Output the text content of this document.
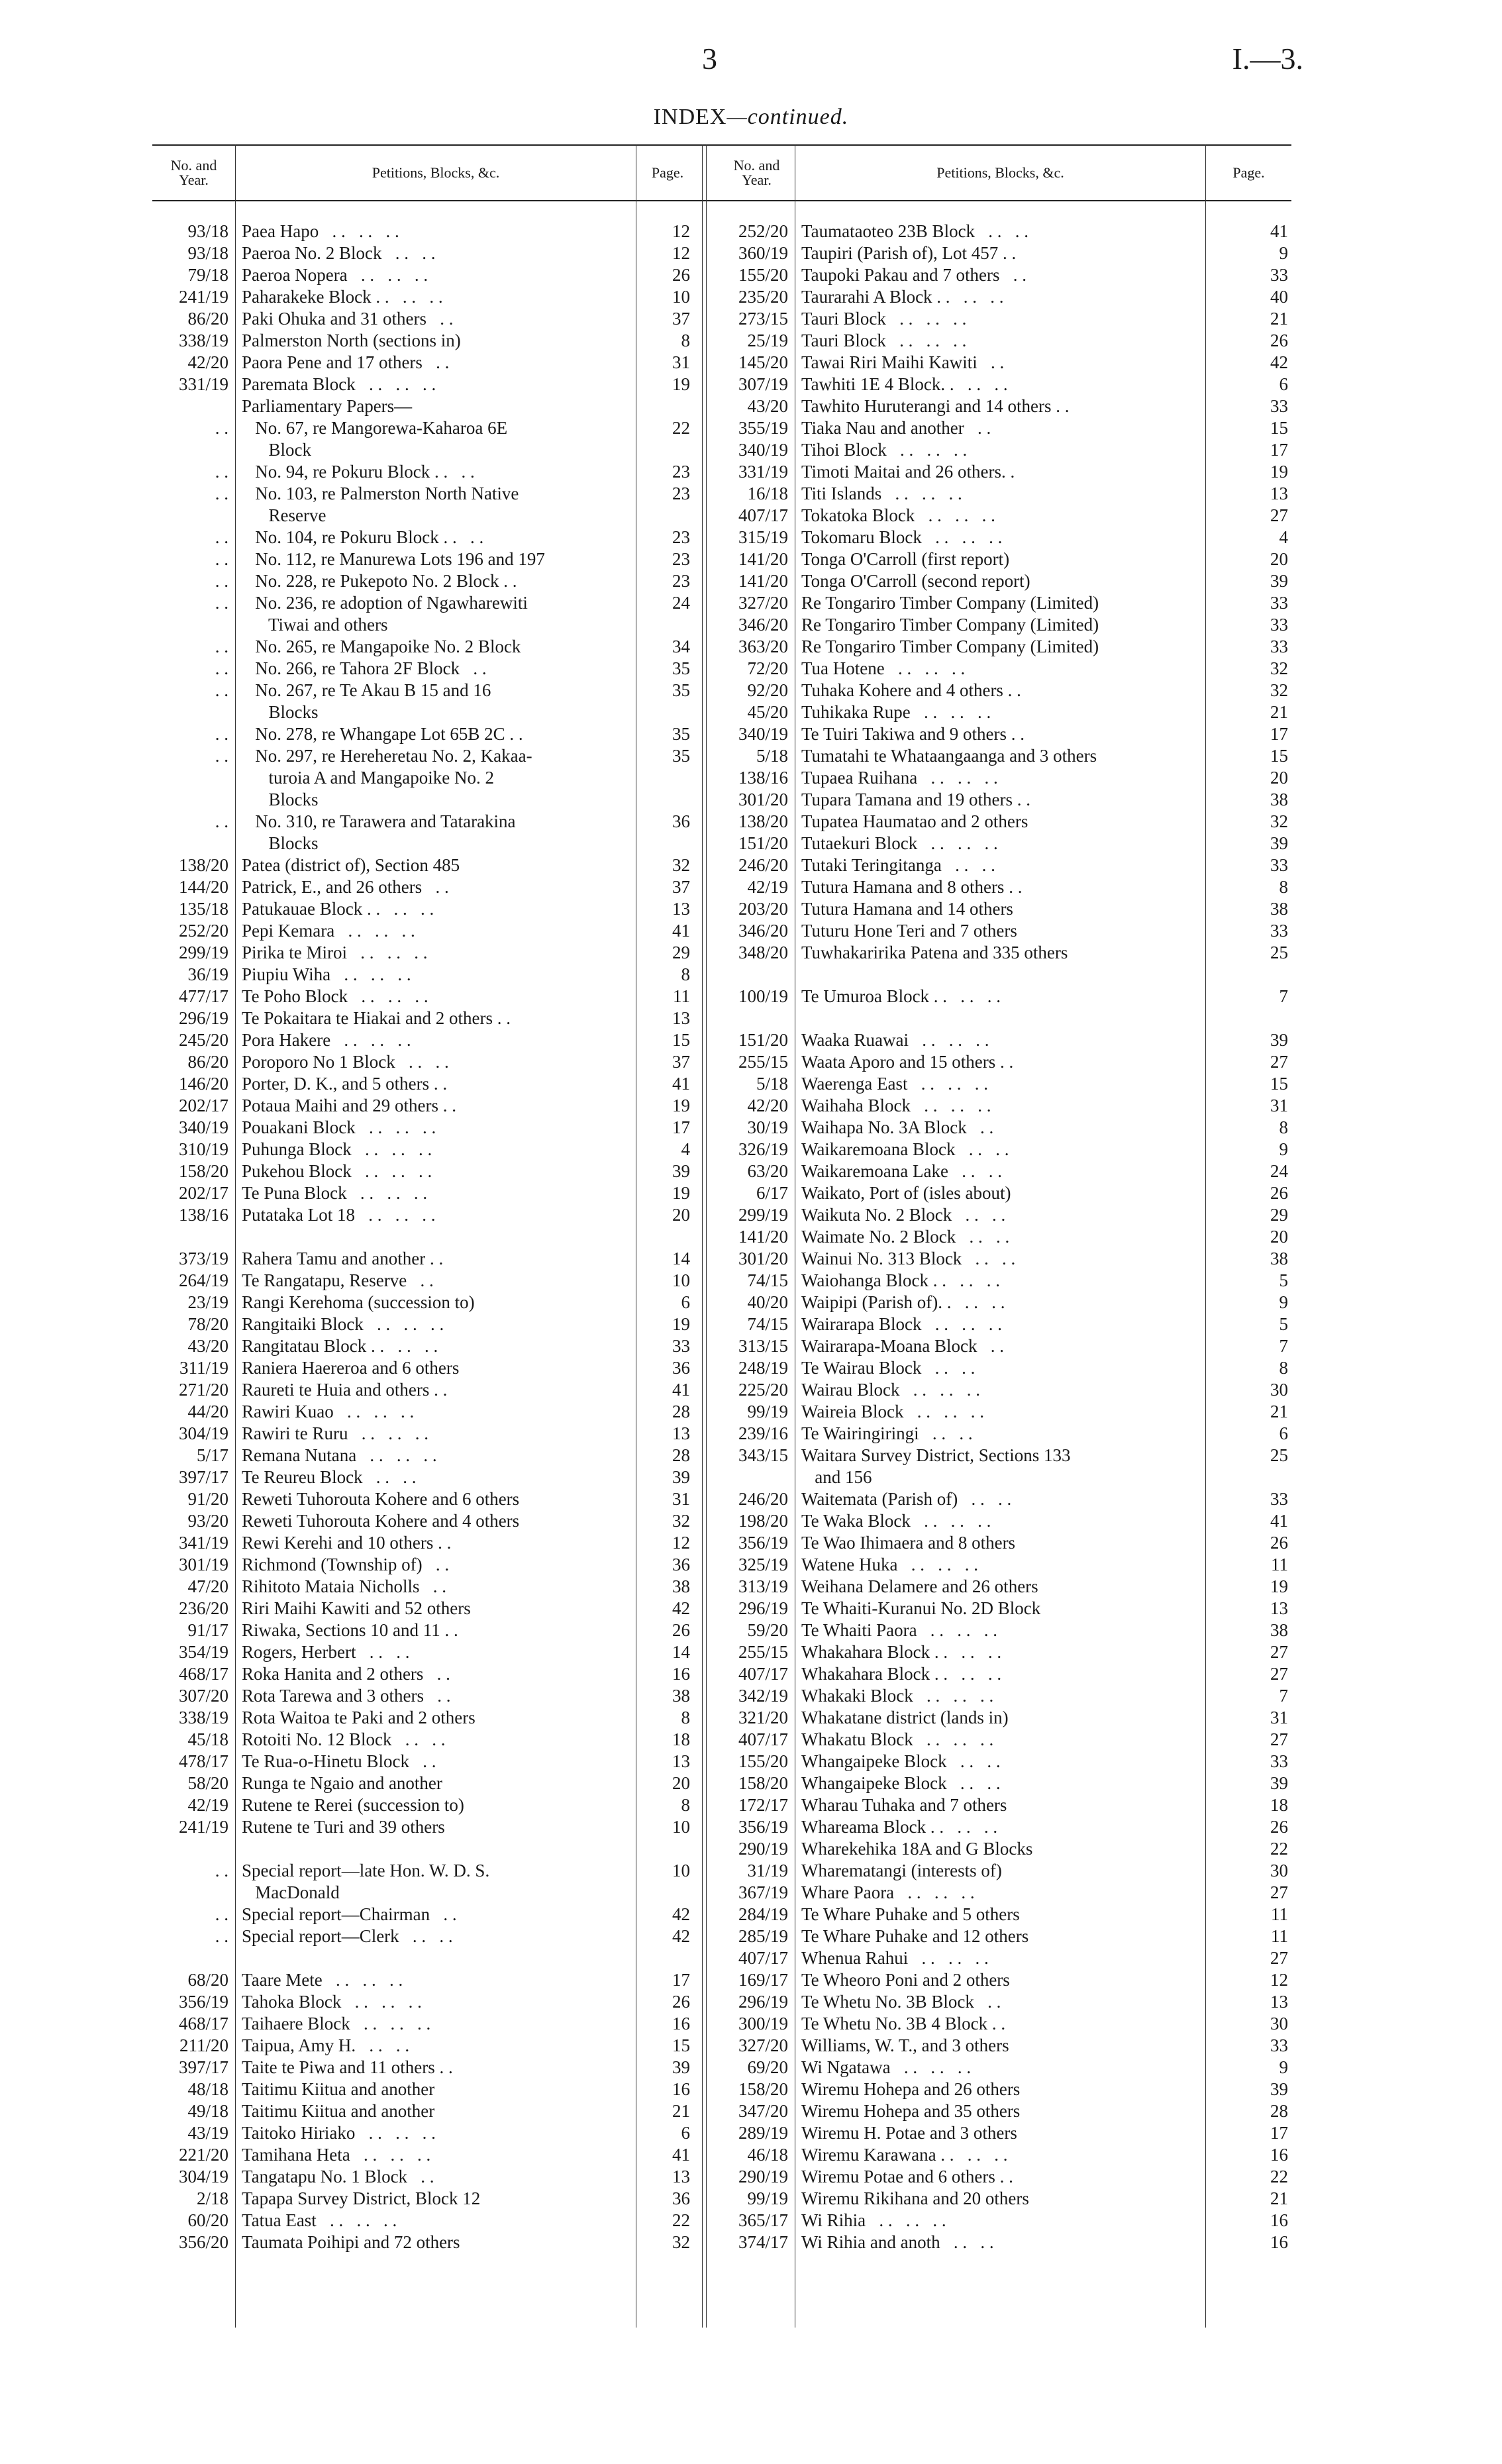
3	I.—3.
INDEX—continued.
No. and
Year.	Petitions, Blocks, &c.	Page.	No. and
Year.	Petitions, Blocks, &c.	Page.
93/18 Paea Hapo   . .   . .   . .	12
93/18 Paeroa No. 2 Block   . .   . .	12
79/18 Paeroa Nopera   . .   . .   . .	26
241/19 Paharakeke Block . .   . .   . .	10
86/20 Paki Ohuka and 31 others   . .	37
338/19 Palmerston North (sections in)	8
42/20 Paora Pene and 17 others   . .	31
331/19 Paremata Block   . .   . .   . .	19
Parliamentary Papers—
. . No. 67, re Mangorewa-Kaharoa 6E	22
Block
. . No. 94, re Pokuru Block . .   . .	23
. . No. 103, re Palmerston North Native	23
Reserve
. . No. 104, re Pokuru Block . .   . .	23
. . No. 112, re Manurewa Lots 196 and 197	23
. . No. 228, re Pukepoto No. 2 Block . .	23
. . No. 236, re adoption of Ngawharewiti	24
Tiwai and others
. . No. 265, re Mangapoike No. 2 Block	34
. . No. 266, re Tahora 2F Block   . .	35
. . No. 267, re Te Akau B 15 and 16	35
Blocks
. . No. 278, re Whangape Lot 65B 2C . .	35
. . No. 297, re Hereheretau No. 2, Kakaa-	35
turoia A and Mangapoike No. 2
Blocks
. . No. 310, re Tarawera and Tatarakina	36
Blocks
138/20 Patea (district of), Section 485	32
144/20 Patrick, E., and 26 others   . .	37
135/18 Patukauae Block . .   . .   . .	13
252/20 Pepi Kemara   . .   . .   . .	41
299/19 Pirika te Miroi   . .   . .   . .	29
36/19 Piupiu Wiha   . .   . .   . .	8
477/17 Te Poho Block   . .   . .   . .	11
296/19 Te Pokaitara te Hiakai and 2 others . .	13
245/20 Pora Hakere   . .   . .   . .	15
86/20 Poroporo No 1 Block   . .   . .	37
146/20 Porter, D. K., and 5 others . .	41
202/17 Potaua Maihi and 29 others . .	19
340/19 Pouakani Block   . .   . .   . .	17
310/19 Puhunga Block   . .   . .   . .	4
158/20 Pukehou Block   . .   . .   . .	39
202/17 Te Puna Block   . .   . .   . .	19
138/16 Putataka Lot 18   . .   . .   . .	20
373/19 Rahera Tamu and another . .	14
264/19 Te Rangatapu, Reserve   . .	10
23/19 Rangi Kerehoma (succession to)	6
78/20 Rangitaiki Block   . .   . .   . .	19
43/20 Rangitatau Block . .   . .   . .	33
311/19 Raniera Haereroa and 6 others	36
271/20 Raureti te Huia and others . .	41
44/20 Rawiri Kuao   . .   . .   . .	28
304/19 Rawiri te Ruru   . .   . .   . .	13
5/17 Remana Nutana   . .   . .   . .	28
397/17 Te Reureu Block   . .   . .	39
91/20 Reweti Tuhorouta Kohere and 6 others	31
93/20 Reweti Tuhorouta Kohere and 4 others	32
341/19 Rewi Kerehi and 10 others . .	12
301/19 Richmond (Township of)   . .	36
47/20 Rihitoto Mataia Nicholls   . .	38
236/20 Riri Maihi Kawiti and 52 others	42
91/17 Riwaka, Sections 10 and 11 . .	26
354/19 Rogers, Herbert   . .   . .	14
468/17 Roka Hanita and 2 others   . .	16
307/20 Rota Tarewa and 3 others   . .	38
338/19 Rota Waitoa te Paki and 2 others	8
45/18 Rotoiti No. 12 Block   . .   . .	18
478/17 Te Rua-o-Hinetu Block   . .	13
58/20 Runga te Ngaio and another	20
42/19 Rutene te Rerei (succession to)	8
241/19 Rutene te Turi and 39 others	10
. . Special report—late Hon. W. D. S.	10
MacDonald
. . Special report—Chairman   . .	42
. . Special report—Clerk   . .   . .	42
68/20 Taare Mete   . .   . .   . .	17
356/19 Tahoka Block   . .   . .   . .	26
468/17 Taihaere Block   . .   . .   . .	16
211/20 Taipua, Amy H.   . .   . .	15
397/17 Taite te Piwa and 11 others . .	39
48/18 Taitimu Kiitua and another	16
49/18 Taitimu Kiitua and another	21
43/19 Taitoko Hiriako   . .   . .   . .	6
221/20 Tamihana Heta   . .   . .   . .	41
304/19 Tangatapu No. 1 Block   . .	13
2/18 Tapapa Survey District, Block 12	36
60/20 Tatua East   . .   . .   . .	22
356/20 Taumata Poihipi and 72 others	32
252/20 Taumataoteo 23B Block   . .   . .	41
360/19 Taupiri (Parish of), Lot 457 . .	9
155/20 Taupoki Pakau and 7 others   . .	33
235/20 Taurarahi A Block . .   . .   . .	40
273/15 Tauri Block   . .   . .   . .	21
25/19 Tauri Block   . .   . .   . .	26
145/20 Tawai Riri Maihi Kawiti   . .	42
307/19 Tawhiti 1E 4 Block. .   . .   . .	6
43/20 Tawhito Huruterangi and 14 others . .	33
355/19 Tiaka Nau and another   . .	15
340/19 Tihoi Block   . .   . .   . .	17
331/19 Timoti Maitai and 26 others. .	19
16/18 Titi Islands   . .   . .   . .	13
407/17 Tokatoka Block   . .   . .   . .	27
315/19 Tokomaru Block   . .   . .   . .	4
141/20 Tonga O'Carroll (first report)	20
141/20 Tonga O'Carroll (second report)	39
327/20 Re Tongariro Timber Company (Limited)	33
346/20 Re Tongariro Timber Company (Limited)	33
363/20 Re Tongariro Timber Company (Limited)	33
72/20 Tua Hotene   . .   . .   . .	32
92/20 Tuhaka Kohere and 4 others . .	32
45/20 Tuhikaka Rupe   . .   . .   . .	21
340/19 Te Tuiri Takiwa and 9 others . .	17
5/18 Tumatahi te Whataangaanga and 3 others	15
138/16 Tupaea Ruihana   . .   . .   . .	20
301/20 Tupara Tamana and 19 others . .	38
138/20 Tupatea Haumatao and 2 others	32
151/20 Tutaekuri Block   . .   . .   . .	39
246/20 Tutaki Teringitanga   . .   . .	33
42/19 Tutura Hamana and 8 others . .	8
203/20 Tutura Hamana and 14 others	38
346/20 Tuturu Hone Teri and 7 others	33
348/20 Tuwhakaririka Patena and 335 others	25
100/19 Te Umuroa Block . .   . .   . .	7
151/20 Waaka Ruawai   . .   . .   . .	39
255/15 Waata Aporo and 15 others . .	27
5/18 Waerenga East   . .   . .   . .	15
42/20 Waihaha Block   . .   . .   . .	31
30/19 Waihapa No. 3A Block   . .	8
326/19 Waikaremoana Block   . .   . .	9
63/20 Waikaremoana Lake   . .   . .	24
6/17 Waikato, Port of (isles about)	26
299/19 Waikuta No. 2 Block   . .   . .	29
141/20 Waimate No. 2 Block   . .   . .	20
301/20 Wainui No. 313 Block   . .   . .	38
74/15 Waiohanga Block . .   . .   . .	5
40/20 Waipipi (Parish of). .   . .   . .	9
74/15 Wairarapa Block   . .   . .   . .	5
313/15 Wairarapa-Moana Block   . .	7
248/19 Te Wairau Block   . .   . .	8
225/20 Wairau Block   . .   . .   . .	30
99/19 Waireia Block   . .   . .   . .	21
239/16 Te Wairingiringi   . .   . .	6
343/15 Waitara Survey District, Sections 133	25
and 156
246/20 Waitemata (Parish of)   . .   . .	33
198/20 Te Waka Block   . .   . .   . .	41
356/19 Te Wao Ihimaera and 8 others	26
325/19 Watene Huka   . .   . .   . .	11
313/19 Weihana Delamere and 26 others	19
296/19 Te Whaiti-Kuranui No. 2D Block	13
59/20 Te Whaiti Paora   . .   . .   . .	38
255/15 Whakahara Block . .   . .   . .	27
407/17 Whakahara Block . .   . .   . .	27
342/19 Whakaki Block   . .   . .   . .	7
321/20 Whakatane district (lands in)	31
407/17 Whakatu Block   . .   . .   . .	27
155/20 Whangaipeke Block   . .   . .	33
158/20 Whangaipeke Block   . .   . .	39
172/17 Wharau Tuhaka and 7 others	18
356/19 Whareama Block . .   . .   . .	26
290/19 Wharekehika 18A and G Blocks	22
31/19 Wharematangi (interests of)	30
367/19 Whare Paora   . .   . .   . .	27
284/19 Te Whare Puhake and 5 others	11
285/19 Te Whare Puhake and 12 others	11
407/17 Whenua Rahui   . .   . .   . .	27
169/17 Te Wheoro Poni and 2 others	12
296/19 Te Whetu No. 3B Block   . .	13
300/19 Te Whetu No. 3B 4 Block . .	30
327/20 Williams, W. T., and 3 others	33
69/20 Wi Ngatawa   . .   . .   . .	9
158/20 Wiremu Hohepa and 26 others	39
347/20 Wiremu Hohepa and 35 others	28
289/19 Wiremu H. Potae and 3 others	17
46/18 Wiremu Karawana . .   . .   . .	16
290/19 Wiremu Potae and 6 others . .	22
99/19 Wiremu Rikihana and 20 others	21
365/17 Wi Rihia   . .   . .   . .	16
374/17 Wi Rihia and anoth   . .   . .	16
